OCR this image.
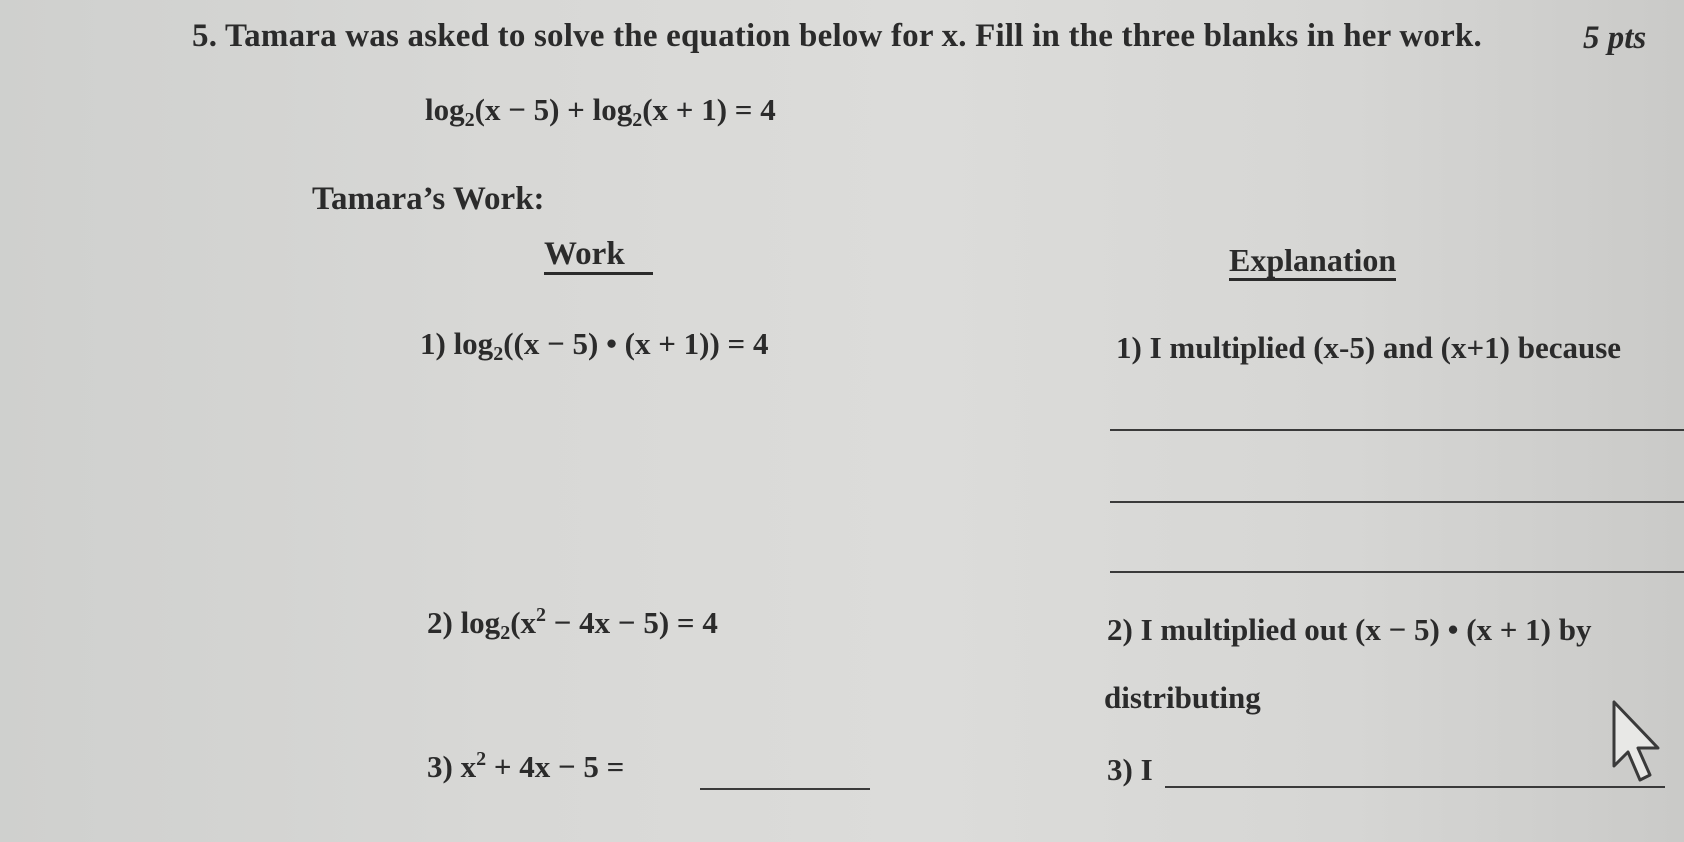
5. Tamara was asked to solve the equation below for x. Fill in the three blanks in her work.	5 pts
$\log_2(x - 5) + \log_2(x + 1) = 4$
Tamara’s Work:
Work	Explanation
1) $\log_2((x - 5)$ • (x + 1)) = 4
2) $\log_2(x^2 - 4x - 5) = 4$
3) $x^2 + 4x - 5$ =
1) I multiplied (x-5) and (x+1) because
2) I multiplied out (x − 5) • (x + 1) by
distributing
3) I
